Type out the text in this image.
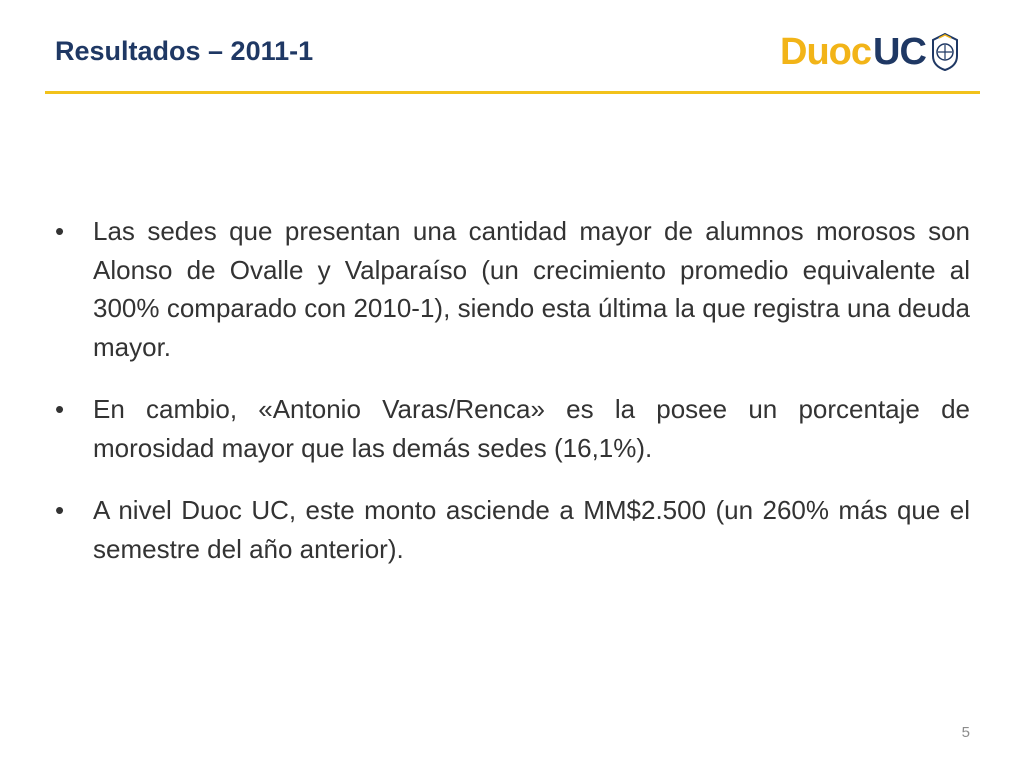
Resultados – 2011-1	Duoc UC
•	Las sedes que presentan una cantidad mayor de alumnos morosos son Alonso de Ovalle y Valparaíso (un crecimiento promedio equivalente al 300% comparado con 2010-1), siendo esta última la que registra una deuda mayor.
•	En cambio, «Antonio Varas/Renca» es la posee un porcentaje de morosidad mayor que las demás sedes (16,1%).
•	A nivel Duoc UC, este monto asciende a MM$2.500 (un 260% más que el semestre del año anterior).
5
